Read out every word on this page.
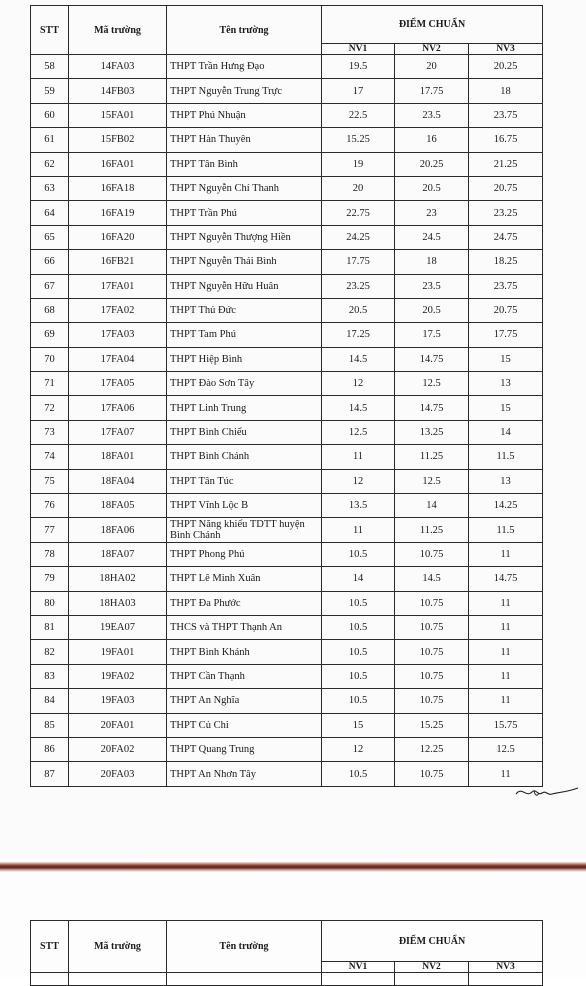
STT	Mã trường	Tên trường	ĐIỂM CHUẨN		
			NV1	NV2	NV3
58	14FA03	THPT Trần Hưng Đạo	19.5	20	20.25
59	14FB03	THPT Nguyễn Trung Trực	17	17.75	18
60	15FA01	THPT Phú Nhuận	22.5	23.5	23.75
61	15FB02	THPT Hàn Thuyên	15.25	16	16.75
62	16FA01	THPT Tân Bình	19	20.25	21.25
63	16FA18	THPT Nguyễn Chí Thanh	20	20.5	20.75
64	16FA19	THPT Trần Phú	22.75	23	23.25
65	16FA20	THPT Nguyễn Thượng Hiền	24.25	24.5	24.75
66	16FB21	THPT Nguyễn Thái Bình	17.75	18	18.25
67	17FA01	THPT Nguyễn Hữu Huân	23.25	23.5	23.75
68	17FA02	THPT Thủ Đức	20.5	20.5	20.75
69	17FA03	THPT Tam Phú	17.25	17.5	17.75
70	17FA04	THPT Hiệp Bình	14.5	14.75	15
71	17FA05	THPT Đào Sơn Tây	12	12.5	13
72	17FA06	THPT Linh Trung	14.5	14.75	15
73	17FA07	THPT Bình Chiểu	12.5	13.25	14
74	18FA01	THPT Bình Chánh	11	11.25	11.5
75	18FA04	THPT Tân Túc	12	12.5	13
76	18FA05	THPT Vĩnh Lộc B	13.5	14	14.25
77	18FA06	THPT Năng khiếu TDTT huyện Bình Chánh	11	11.25	11.5
78	18FA07	THPT Phong Phú	10.5	10.75	11
79	18HA02	THPT Lê Minh Xuân	14	14.5	14.75
80	18HA03	THPT Đa Phước	10.5	10.75	11
81	19EA07	THCS và THPT Thạnh An	10.5	10.75	11
82	19FA01	THPT Bình Khánh	10.5	10.75	11
83	19FA02	THPT Cần Thạnh	10.5	10.75	11
84	19FA03	THPT An Nghĩa	10.5	10.75	11
85	20FA01	THPT Củ Chi	15	15.25	15.75
86	20FA02	THPT Quang Trung	12	12.25	12.5
87	20FA03	THPT An Nhơn Tây	10.5	10.75	11
STT	Mã trường	Tên trường	ĐIỂM CHUẨN		
			NV1	NV2	NV3
